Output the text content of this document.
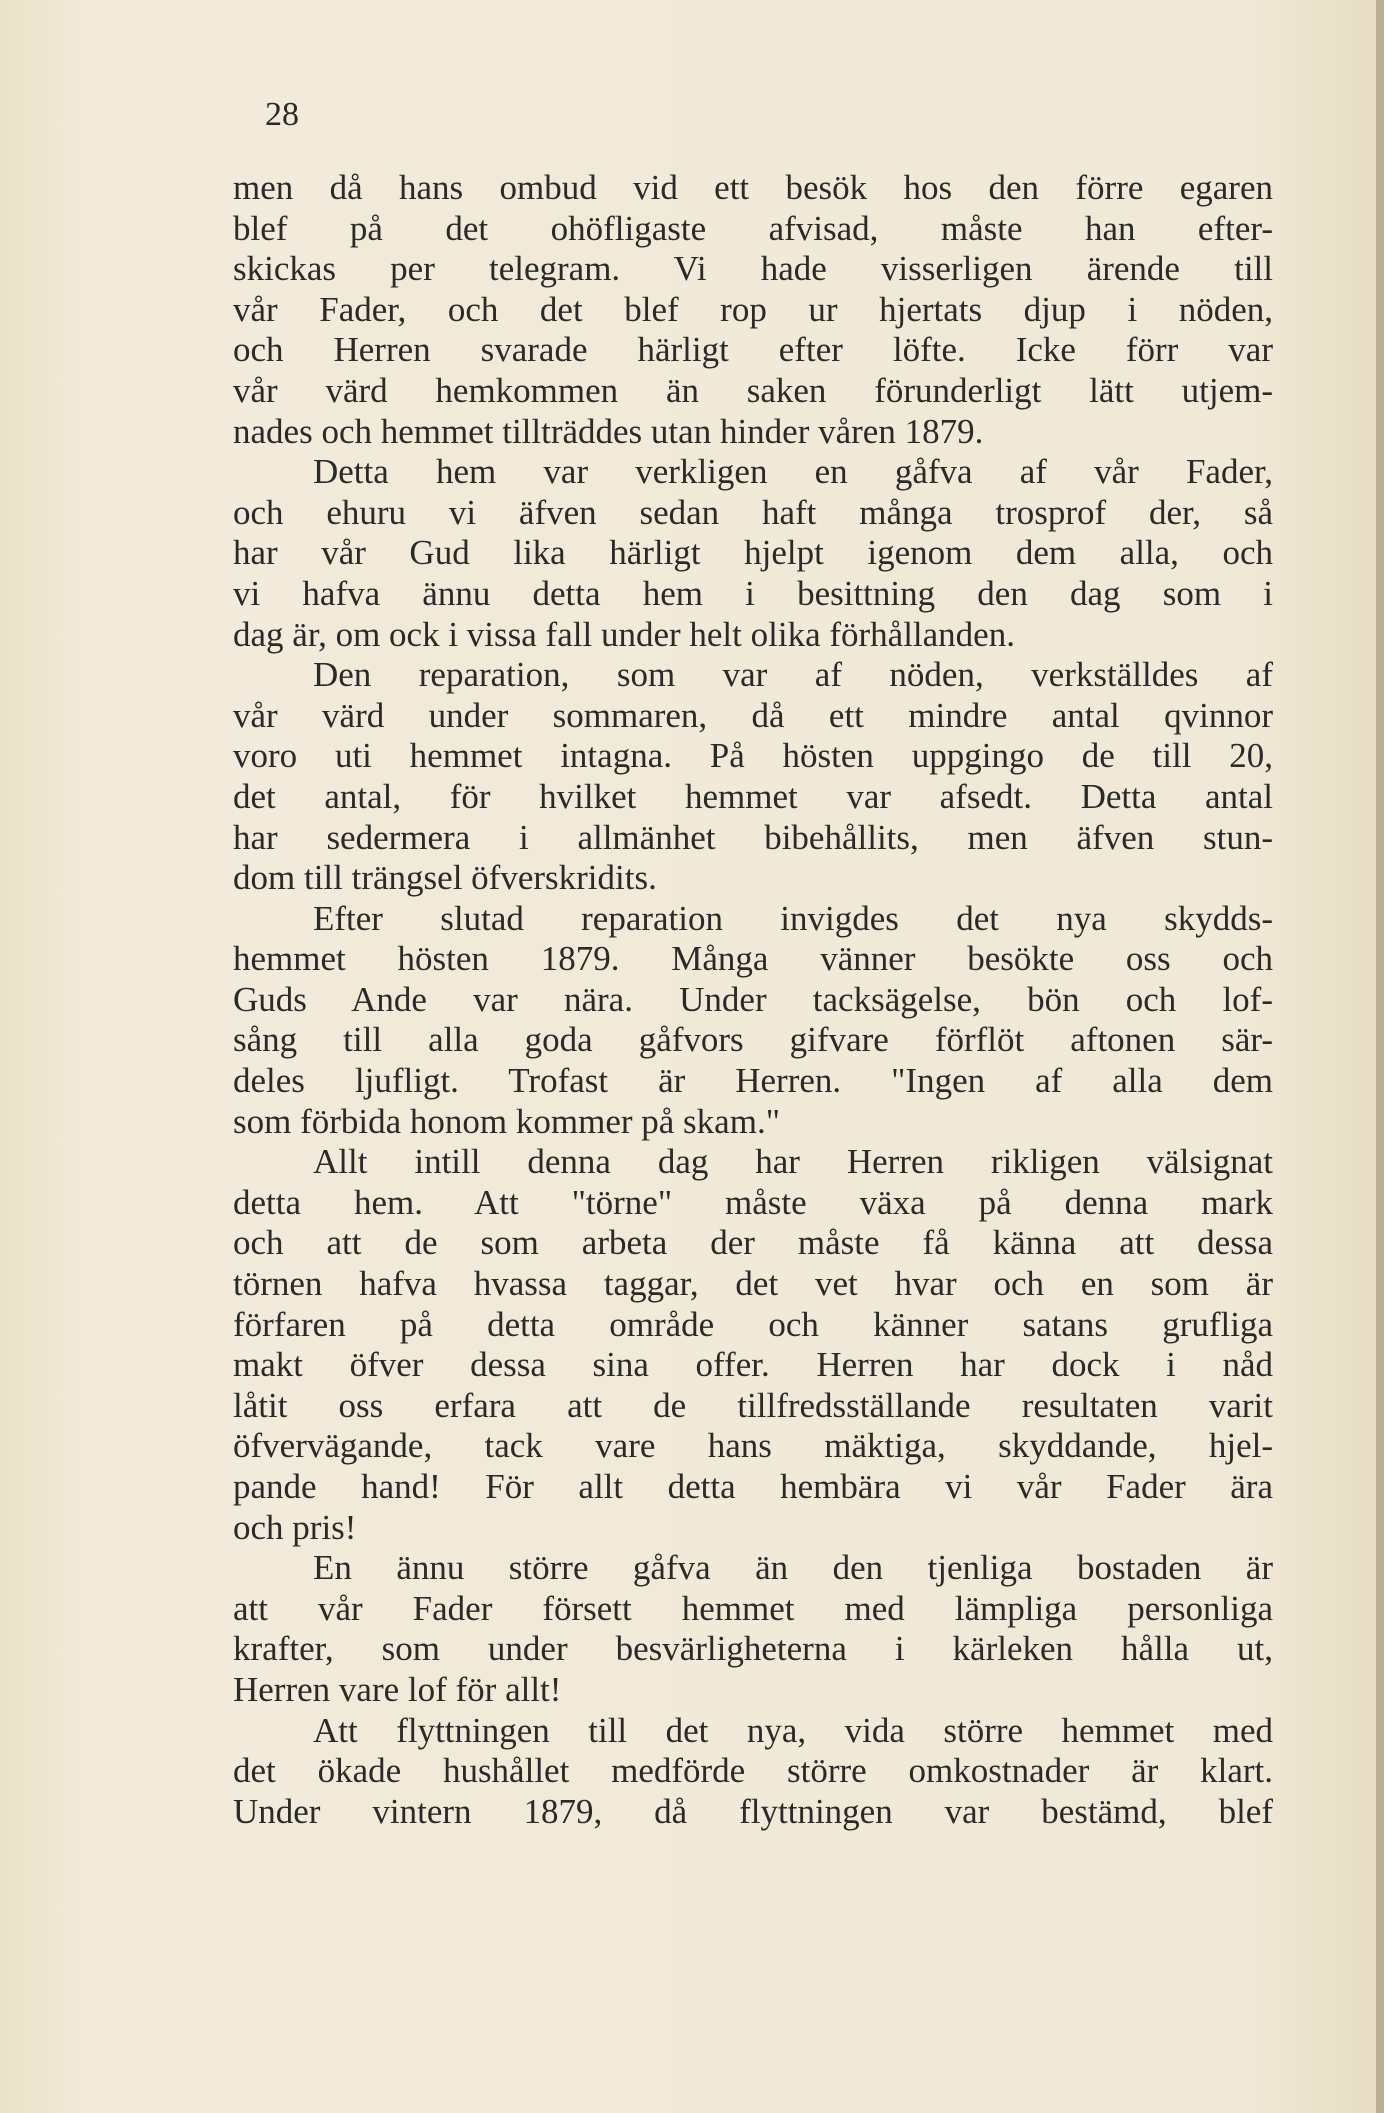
28
men då hans ombud vid ett besök hos den förre egaren
blef på det ohöfligaste afvisad, måste han efter-
skickas per telegram. Vi hade visserligen ärende till
vår Fader, och det blef rop ur hjertats djup i nöden,
och Herren svarade härligt efter löfte. Icke förr var
vår värd hemkommen än saken förunderligt lätt utjem-
nades och hemmet tillträddes utan hinder våren 1879.
Detta hem var verkligen en gåfva af vår Fader,
och ehuru vi äfven sedan haft många trosprof der, så
har vår Gud lika härligt hjelpt igenom dem alla, och
vi hafva ännu detta hem i besittning den dag som i
dag är, om ock i vissa fall under helt olika förhållanden.
Den reparation, som var af nöden, verkställdes af
vår värd under sommaren, då ett mindre antal qvinnor
voro uti hemmet intagna. På hösten uppgingo de till 20,
det antal, för hvilket hemmet var afsedt. Detta antal
har sedermera i allmänhet bibehållits, men äfven stun-
dom till trängsel öfverskridits.
Efter slutad reparation invigdes det nya skydds-
hemmet hösten 1879. Många vänner besökte oss och
Guds Ande var nära. Under tacksägelse, bön och lof-
sång till alla goda gåfvors gifvare förflöt aftonen sär-
deles ljufligt. Trofast är Herren. "Ingen af alla dem
som förbida honom kommer på skam."
Allt intill denna dag har Herren rikligen välsignat
detta hem. Att "törne" måste växa på denna mark
och att de som arbeta der måste få känna att dessa
törnen hafva hvassa taggar, det vet hvar och en som är
förfaren på detta område och känner satans grufliga
makt öfver dessa sina offer. Herren har dock i nåd
låtit oss erfara att de tillfredsställande resultaten varit
öfvervägande, tack vare hans mäktiga, skyddande, hjel-
pande hand! För allt detta hembära vi vår Fader ära
och pris!
En ännu större gåfva än den tjenliga bostaden är
att vår Fader försett hemmet med lämpliga personliga
krafter, som under besvärligheterna i kärleken hålla ut,
Herren vare lof för allt!
Att flyttningen till det nya, vida större hemmet med
det ökade hushållet medförde större omkostnader är klart.
Under vintern 1879, då flyttningen var bestämd, blef
